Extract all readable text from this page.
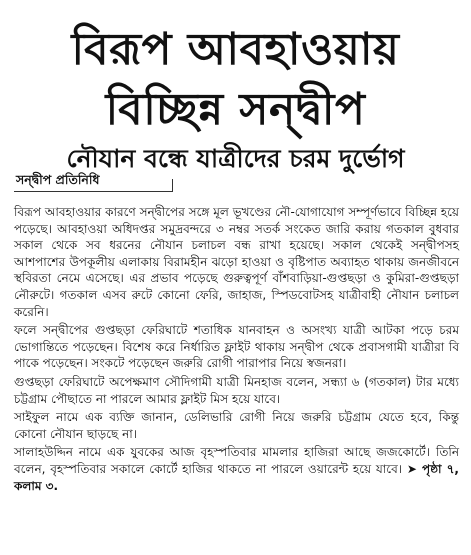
বিরূপ আবহাওয়ায়
বিচ্ছিন্ন সন্দ্বীপ
নৌযান বন্ধে যাত্রীদের চরম দুর্ভোগ
সন্দ্বীপ প্রতিনিধি

বিরূপ আবহাওয়ার কারণে সন্দ্বীপের সঙ্গে মূল ভূখণ্ডের নৌ-যোগাযোগ সম্পূর্ণভাবে বিচ্ছিন্ন হয়ে পড়েছে। আবহাওয়া অধিদপ্তর সমুদ্রবন্দরে ৩ নম্বর সতর্ক সংকেত জারি করায় গতকাল বুধবার সকাল থেকে সব ধরনের নৌযান চলাচল বন্ধ রাখা হয়েছে। সকাল থেকেই সন্দ্বীপসহ আশপাশের উপকূলীয় এলাকায় বিরামহীন ঝড়ো হাওয়া ও বৃষ্টিপাত অব্যাহত থাকায় জনজীবনে স্থবিরতা নেমে এসেছে। এর প্রভাব পড়েছে গুরুত্বপূর্ণ বাঁশবাড়িয়া-গুপ্তছড়া ও কুমিরা-গুপ্তছড়া নৌরুটে। গতকাল এসব রুটে কোনো ফেরি, জাহাজ, স্পিডবোটসহ যাত্রীবাহী নৌযান চলাচল করেনি।

ফলে সন্দ্বীপের গুপ্তছড়া ফেরিঘাটে শতাধিক যানবাহন ও অসংখ্য যাত্রী আটকা পড়ে চরম ভোগান্তিতে পড়েছেন। বিশেষ করে নির্ধারিত ফ্লাইট থাকায় সন্দ্বীপ থেকে প্রবাসগামী যাত্রীরা বি পাকে পড়েছেন। সংকটে পড়েছেন জরুরি রোগী পারাপার নিয়ে স্বজনরা।

গুপ্তছড়া ফেরিঘাটে অপেক্ষমাণ সৌদিগামী যাত্রী মিনহাজ বলেন, সন্ধ্যা ৬ (গতকাল) টার মধ্যে চট্টগ্রাম পৌছাতে না পারলে আমার ফ্লাইট মিস হয়ে যাবে।

সাইফুল নামে এক ব্যক্তি জানান, ডেলিভারি রোগী নিয়ে জরুরি চট্টগ্রাম যেতে হবে, কিন্তু কোনো নৌযান ছাড়ছে না।

সালাহউদ্দিন নামে এক যুবকের আজ বৃহস্পতিবার মামলার হাজিরা আছে জজকোর্টে। তিনি বলেন, বৃহস্পতিবার সকালে কোর্টে হাজির থাকতে না পারলে ওয়ারেন্ট হয়ে যাবে। ➤ পৃষ্ঠা ৭, কলাম ৩.
